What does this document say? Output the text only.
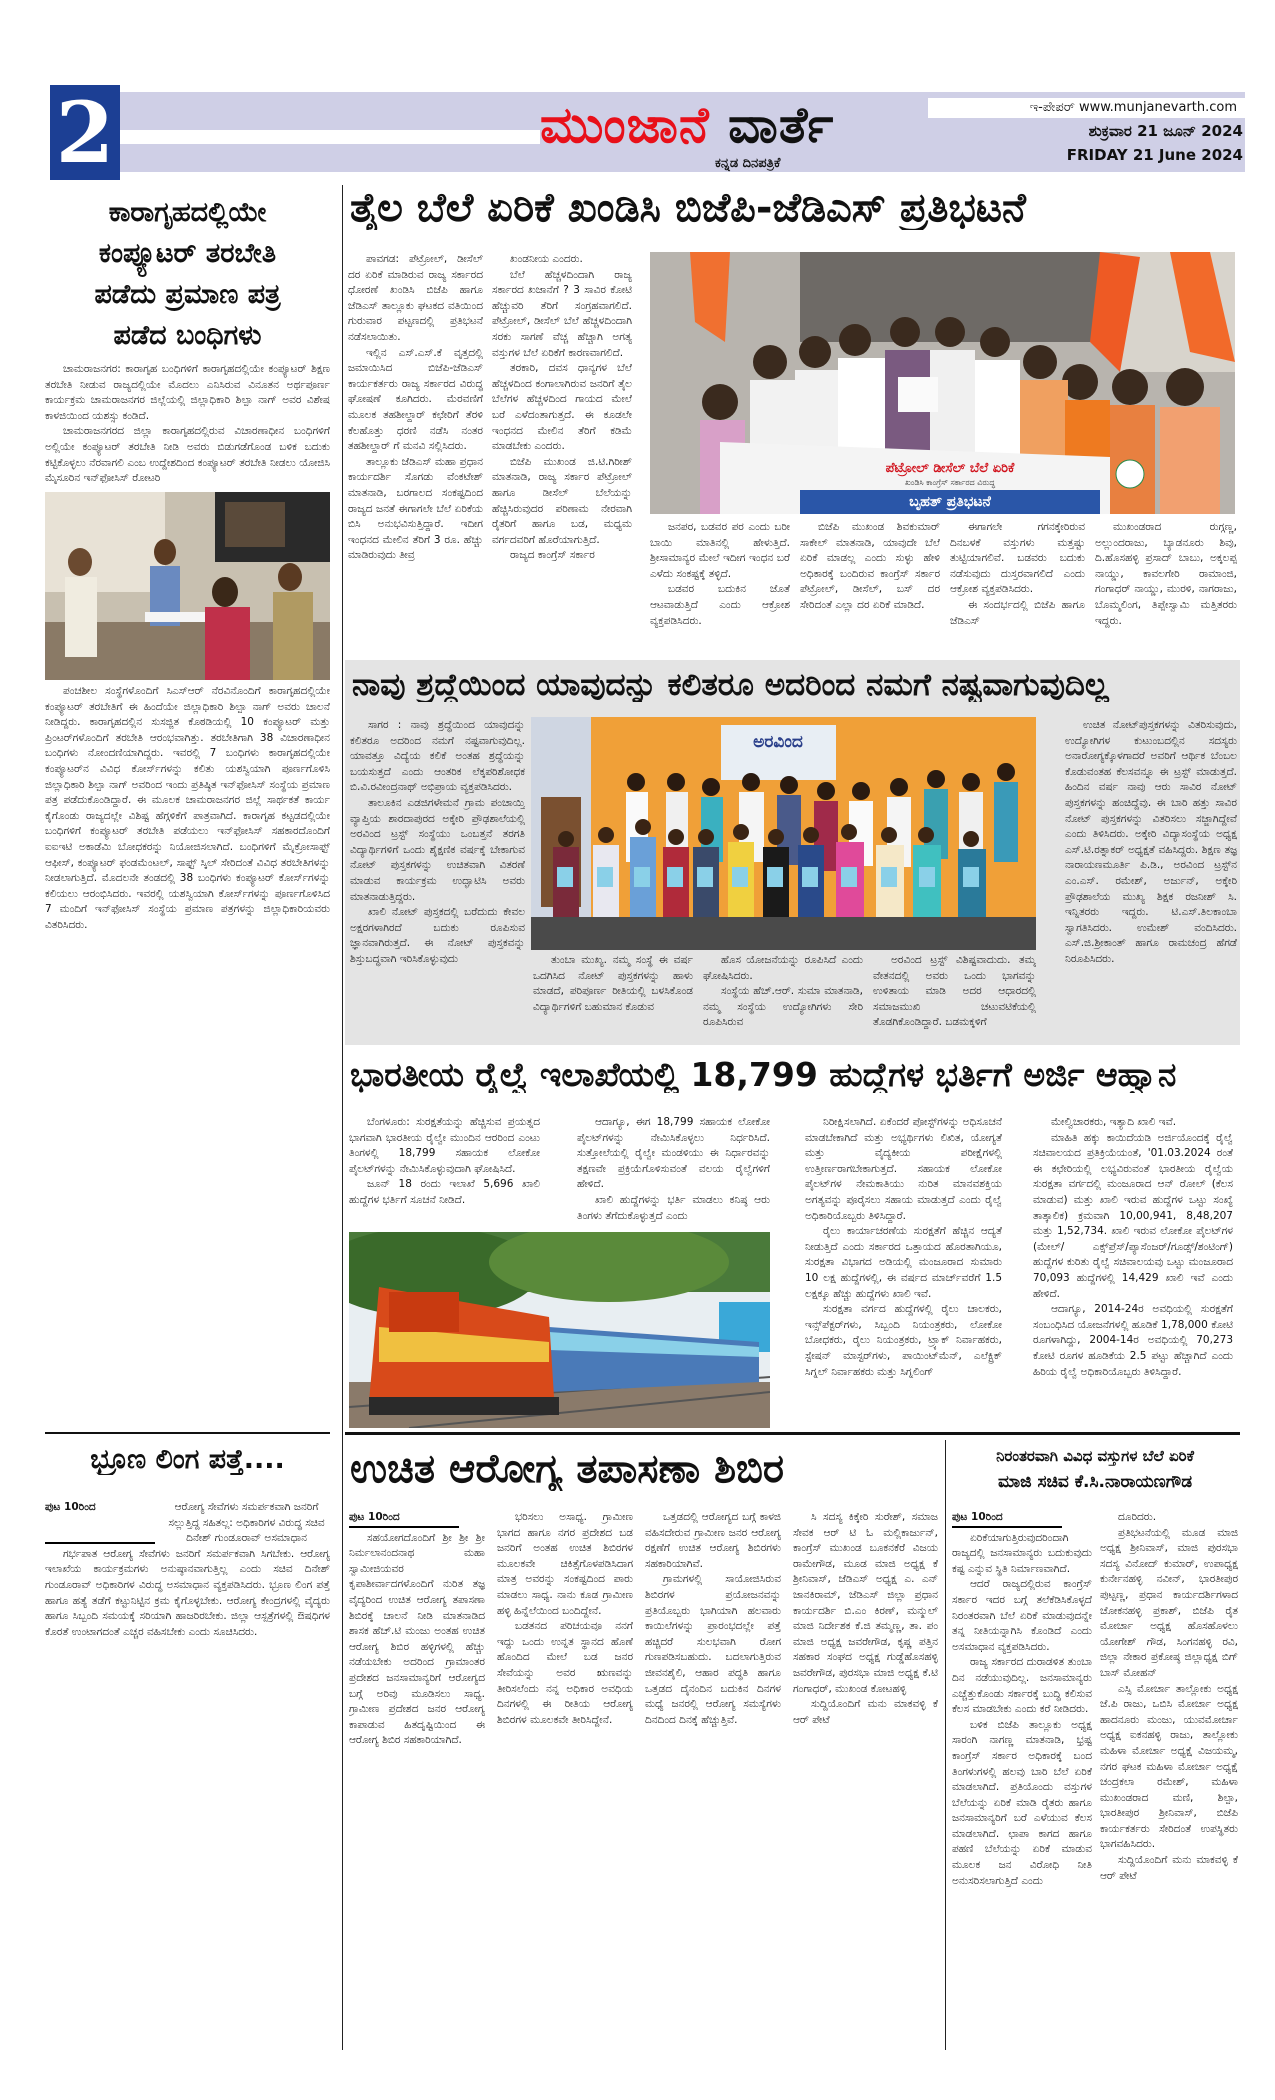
2	ಮುಂಜಾನೆ ವಾರ್ತೆ
ಕನ್ನಡ ದಿನಪತ್ರಿಕೆ
ಇ-ಪೇಪರ್ www.munjanevarth.com
ಶುಕ್ರವಾರ 21 ಜೂನ್ 2024
FRIDAY 21 June 2024
ಕಾರಾಗೃಹದಲ್ಲಿಯೇ
ಕಂಪ್ಯೂಟರ್ ತರಬೇತಿ
ಪಡೆದು ಪ್ರಮಾಣ ಪತ್ರ
ಪಡೆದ ಬಂಧಿಗಳು

ಚಾಮರಾಜನಗರ: ಕಾರಾಗೃಹ ಬಂಧಿಗಳಿಗೆ ಕಾರಾಗೃಹದಲ್ಲಿಯೇ ಕಂಪ್ಯೂಟರ್ ಶಿಕ್ಷಣ ತರಬೇತಿ ನೀಡುವ ರಾಜ್ಯದಲ್ಲಿಯೇ ಮೊದಲು ಎನಿಸಿರುವ ವಿನೂತನ ಅರ್ಥಪೂರ್ಣ ಕಾರ್ಯಕ್ರಮ ಚಾಮರಾಜನಗರ ಜಿಲ್ಲೆಯಲ್ಲಿ ಜಿಲ್ಲಾಧಿಕಾರಿ ಶಿಲ್ಪಾ ನಾಗ್ ಅವರ ವಿಶೇಷ ಕಾಳಜಿಯಿಂದ ಯಶಸ್ಸು ಕಂಡಿದೆ.

ಚಾಮರಾಜನಗರದ ಜಿಲ್ಲಾ ಕಾರಾಗೃಹದಲ್ಲಿರುವ ವಿಚಾರಣಾಧೀನ ಬಂಧಿಗಳಿಗೆ ಅಲ್ಲಿಯೇ ಕಂಪ್ಯೂಟರ್ ತರಬೇತಿ ನೀಡಿ ಅವರು ಬಿಡುಗಡೆಗೊಂಡ ಬಳಿಕ ಬದುಕು ಕಟ್ಟಿಕೊಳ್ಳಲು ನೆರವಾಗಲಿ ಎಂಬ ಉದ್ದೇಶದಿಂದ ಕಂಪ್ಯೂಟರ್ ತರಬೇತಿ ನೀಡಲು ಯೋಜಿಸಿ ಮೈಸೂರಿನ ಇನ್‌ಫೋಸಿಸ್ ರೋಟರಿ

ಪಂಚಶೀಲ ಸಂಸ್ಥೆಗಳೊಂದಿಗೆ ಸಿಎಸ್‌ಆರ್ ನೆರವಿನೊಂದಿಗೆ ಕಾರಾಗೃಹದಲ್ಲಿಯೇ ಕಂಪ್ಯೂಟರ್ ತರಬೇತಿಗೆ ಈ ಹಿಂದೆಯೇ ಜಿಲ್ಲಾಧಿಕಾರಿ ಶಿಲ್ಪಾ ನಾಗ್ ಅವರು ಚಾಲನೆ ನೀಡಿದ್ದರು. ಕಾರಾಗೃಹದಲ್ಲಿನ ಸುಸಜ್ಜಿತ ಕೊಠಡಿಯಲ್ಲಿ 10 ಕಂಪ್ಯೂಟರ್ ಮತ್ತು ಪ್ರಿಂಟರ್‌ಗಳೊಂದಿಗೆ ತರಬೇತಿ ಆರಂಭವಾಗಿತ್ತು. ತರಬೇತಿಗಾಗಿ 38 ವಿಚಾರಣಾಧೀನ ಬಂಧಿಗಳು ನೋಂದಣಿಯಾಗಿದ್ದರು. ಇವರಲ್ಲಿ 7 ಬಂಧಿಗಳು ಕಾರಾಗೃಹದಲ್ಲಿಯೇ ಕಂಪ್ಯೂಟರ್‌ನ ವಿವಿಧ ಕೋರ್ಸ್‌ಗಳನ್ನು ಕಲಿತು ಯಶಸ್ವಿಯಾಗಿ ಪೂರ್ಣಗೊಳಿಸಿ ಜಿಲ್ಲಾಧಿಕಾರಿ ಶಿಲ್ಪಾ ನಾಗ್ ಅವರಿಂದ ಇಂದು ಪ್ರತಿಷ್ಠಿತ ಇನ್‌ಫೋಸಿಸ್ ಸಂಸ್ಥೆಯ ಪ್ರಮಾಣ ಪತ್ರ ಪಡೆದುಕೊಂಡಿದ್ದಾರೆ. ಈ ಮೂಲಕ ಚಾಮರಾಜನಗರ ಜಿಲ್ಲೆ ಸಾರ್ಥಕತೆ ಕಾರ್ಯ ಕೈಗೊಂಡು ರಾಜ್ಯದಲ್ಲೇ ವಿಶಿಷ್ಟ ಹೆಗ್ಗಳಿಕೆಗೆ ಪಾತ್ರವಾಗಿದೆ. ಕಾರಾಗೃಹ ಕಟ್ಟಡದಲ್ಲಿಯೇ ಬಂಧಿಗಳಿಗೆ ಕಂಪ್ಯೂಟರ್ ತರಬೇತಿ ಪಡೆಯಲು ಇನ್‌ಫೋಸಿಸ್ ಸಹಕಾರದೊಂದಿಗೆ ಐಐಇಟಿ ಅಕಾಡೆಮಿ ಬೋಧಕರನ್ನು ನಿಯೋಜಿಸಲಾಗಿದೆ. ಬಂಧಿಗಳಿಗೆ ಮೈಕ್ರೋಸಾಫ್ಟ್ ಆಫೀಸ್, ಕಂಪ್ಯೂಟರ್ ಫಂಡಮೆಂಟಲ್, ಸಾಫ್ಟ್ ಸ್ಕಿಲ್ ಸೇರಿದಂತೆ ವಿವಿಧ ತರಬೇತಿಗಳನ್ನು ನೀಡಲಾಗುತ್ತಿದೆ. ಮೊದಲನೇ ತಂಡದಲ್ಲಿ 38 ಬಂಧಿಗಳು ಕಂಪ್ಯೂಟರ್ ಕೋರ್ಸ್‌ಗಳನ್ನು ಕಲಿಯಲು ಆರಂಭಿಸಿದರು. ಇವರಲ್ಲಿ ಯಶಸ್ವಿಯಾಗಿ ಕೋರ್ಸ್‌ಗಳನ್ನು ಪೂರ್ಣಗೊಳಿಸಿದ 7 ಮಂದಿಗೆ ಇನ್‌ಫೋಸಿಸ್ ಸಂಸ್ಥೆಯ ಪ್ರಮಾಣ ಪತ್ರಗಳನ್ನು ಜಿಲ್ಲಾಧಿಕಾರಿಯವರು ವಿತರಿಸಿದರು.

ಭ್ರೂಣ ಲಿಂಗ ಪತ್ತೆ....
ಪುಟ 10ರಿಂದ	ಆರೋಗ್ಯ ಸೇವೆಗಳು ಸಮರ್ಪಕವಾಗಿ ಜನರಿಗೆ ಸಲ್ಲುತ್ತಿದ್ದ ಸಹಿತಲ್ಲ: ಅಧಿಕಾರಿಗಳ ವಿರುದ್ಧ ಸಚಿವ ದಿನೇಶ್ ಗುಂಡೂರಾವ್ ಅಸಮಾಧಾನ

ಗರ್ಭಪಾತ ಆರೋಗ್ಯ ಸೇವೆಗಳು ಜನರಿಗೆ ಸಮರ್ಪಕವಾಗಿ ಸಿಗಬೇಕು. ಆರೋಗ್ಯ ಇಲಾಖೆಯ ಕಾರ್ಯಕ್ರಮಗಳು ಅನುಷ್ಠಾನವಾಗುತ್ತಿಲ್ಲ ಎಂದು ಸಚಿವ ದಿನೇಶ್ ಗುಂಡೂರಾವ್ ಅಧಿಕಾರಿಗಳ ವಿರುದ್ಧ ಅಸಮಾಧಾನ ವ್ಯಕ್ತಪಡಿಸಿದರು. ಭ್ರೂಣ ಲಿಂಗ ಪತ್ತೆ ಹಾಗೂ ಹತ್ಯೆ ತಡೆಗೆ ಕಟ್ಟುನಿಟ್ಟಿನ ಕ್ರಮ ಕೈಗೊಳ್ಳಬೇಕು. ಆರೋಗ್ಯ ಕೇಂದ್ರಗಳಲ್ಲಿ ವೈದ್ಯರು ಹಾಗೂ ಸಿಬ್ಬಂದಿ ಸಮಯಕ್ಕೆ ಸರಿಯಾಗಿ ಹಾಜರಿರಬೇಕು. ಜಿಲ್ಲಾ ಆಸ್ಪತ್ರೆಗಳಲ್ಲಿ ಔಷಧಿಗಳ ಕೊರತೆ ಉಂಟಾಗದಂತೆ ಎಚ್ಚರ ವಹಿಸಬೇಕು ಎಂದು ಸೂಚಿಸಿದರು.

ತೈಲ ಬೆಲೆ ಏರಿಕೆ ಖಂಡಿಸಿ ಬಿಜೆಪಿ-ಜೆಡಿಎಸ್ ಪ್ರತಿಭಟನೆ

ಪಾವಗಡ: ಪೆಟ್ರೋಲ್, ಡೀಸೆಲ್ ದರ ಏರಿಕೆ ಮಾಡಿರುವ ರಾಜ್ಯ ಸರ್ಕಾರದ ಧೋರಣೆ ಖಂಡಿಸಿ ಬಿಜೆಪಿ ಹಾಗೂ ಜೆಡಿಎಸ್ ತಾಲ್ಲೂಕು ಘಟಕದ ವತಿಯಿಂದ ಗುರುವಾರ ಪಟ್ಟಣದಲ್ಲಿ ಪ್ರತಿಭಟನೆ ನಡೆಸಲಾಯಿತು.

ಇಲ್ಲಿನ ಎಸ್.ಎಸ್.ಕೆ ವೃತ್ತದಲ್ಲಿ ಜಮಾಯಿಸಿದ ಬಿಜೆಪಿ-ಜೆಡಿಎಸ್ ಕಾರ್ಯಕರ್ತರು ರಾಜ್ಯ ಸರ್ಕಾರದ ವಿರುದ್ಧ ಘೋಷಣೆ ಕೂಗಿದರು. ಮೆರವಣಿಗೆ ಮೂಲಕ ತಹಶೀಲ್ದಾರ್ ಕಛೇರಿಗೆ ತೆರಳಿ ಕೆಲಹೊತ್ತು ಧರಣಿ ನಡೆಸಿ ನಂತರ ತಹಶೀಲ್ದಾರ್ ಗೆ ಮನವಿ ಸಲ್ಲಿಸಿದರು.

ತಾಲ್ಲೂಕು ಜೆಡಿಎಸ್ ಮಹಾ ಪ್ರಧಾನ ಕಾರ್ಯದರ್ಶಿ ಸೊಗಡು ವೆಂಕಟೇಶ್ ಮಾತನಾಡಿ, ಬರಗಾಲದ ಸಂಕಷ್ಟದಿಂದ ರಾಜ್ಯದ ಜನತೆ ಈಗಾಗಲೇ ಬೆಲೆ ಏರಿಕೆಯ ಬಿಸಿ ಅನುಭವಿಸುತ್ತಿದ್ದಾರೆ. ಇದೀಗ ಇಂಧನದ ಮೇಲಿನ ತೆರಿಗೆ 3 ರೂ. ಹೆಚ್ಚು ಮಾಡಿರುವುದು ತೀವ್ರ

ಖಂಡನೀಯ ಎಂದರು.

ಬೆಲೆ ಹೆಚ್ಚಳದಿಂದಾಗಿ ರಾಜ್ಯ ಸರ್ಕಾರದ ಖಜಾನೆಗೆ ? 3 ಸಾವಿರ ಕೋಟಿ ಹೆಚ್ಚುವರಿ ತೆರಿಗೆ ಸಂಗ್ರಹವಾಗಲಿದೆ. ಪೆಟ್ರೋಲ್, ಡೀಸೆಲ್ ಬೆಲೆ ಹೆಚ್ಚಳದಿಂದಾಗಿ ಸರಕು ಸಾಗಣೆ ವೆಚ್ಚ ಹೆಚ್ಚಾಗಿ ಅಗತ್ಯ ವಸ್ತುಗಳ ಬೆಲೆ ಏರಿಕೆಗೆ ಕಾರಣವಾಗಲಿದೆ.

ತರಕಾರಿ, ದವಸ ಧಾನ್ಯಗಳ ಬೆಲೆ ಹೆಚ್ಚಳದಿಂದ ಕಂಗಾಲಾಗಿರುವ ಜನರಿಗೆ ತೈಲ ಬೆಲೆಗಳ ಹೆಚ್ಚಳದಿಂದ ಗಾಯದ ಮೇಲೆ ಬರೆ ಎಳೆದಂತಾಗುತ್ತದೆ. ಈ ಕೂಡಲೇ ಇಂಧನದ ಮೇಲಿನ ತೆರಿಗೆ ಕಡಿಮೆ ಮಾಡಬೇಕು ಎಂದರು.

ಬಿಜೆಪಿ ಮುಖಂಡ ಜಿ.ಟಿ.ಗಿರೀಶ್ ಮಾತನಾಡಿ, ರಾಜ್ಯ ಸರ್ಕಾರ ಪೆಟ್ರೋಲ್ ಹಾಗೂ ಡೀಸೆಲ್ ಬೆಲೆಯನ್ನು ಹೆಚ್ಚಿಸಿರುವುದರ ಪರಿಣಾಮ ನೇರವಾಗಿ ರೈತರಿಗೆ ಹಾಗೂ ಬಡ, ಮಧ್ಯಮ ವರ್ಗದವರಿಗೆ ಹೊರೆಯಾಗುತ್ತಿದೆ.

ರಾಜ್ಯದ ಕಾಂಗ್ರೆಸ್ ಸರ್ಕಾರ

ಪೆಟ್ರೋಲ್ ಡೀಸೆಲ್ ಬೆಲೆ ಏರಿಕೆ
ಖಂಡಿಸಿ ಕಾಂಗ್ರೆಸ್ ಸರ್ಕಾರದ ವಿರುದ್ಧ
ಬೃಹತ್ ಪ್ರತಿಭಟನೆ

ಜನಪರ, ಬಡವರ ಪರ ಎಂದು ಬರೀ ಬಾಯಿ ಮಾತಿನಲ್ಲಿ ಹೇಳುತ್ತಿದೆ. ಶ್ರೀಸಾಮಾನ್ಯರ ಮೇಲೆ ಇದೀಗ ಇಂಧನ ಬರೆ ಎಳೆದು ಸಂಕಷ್ಟಕ್ಕೆ ತಳ್ಳಿದೆ.

ಬಡವರ ಬದುಕಿನ ಜೊತೆ ಆಟವಾಡುತ್ತಿದೆ ಎಂದು ಆಕ್ರೋಶ ವ್ಯಕ್ತಪಡಿಸಿದರು.

ಬಿಜೆಪಿ ಮುಖಂಡ ಶಿವಕುಮಾರ್ ಸಾಕೇಲ್ ಮಾತನಾಡಿ, ಯಾವುದೇ ಬೆಲೆ ಏರಿಕೆ ಮಾಡಲ್ಲ ಎಂದು ಸುಳ್ಳು ಹೇಳಿ ಅಧಿಕಾರಕ್ಕೆ ಬಂದಿರುವ ಕಾಂಗ್ರೆಸ್ ಸರ್ಕಾರ ಪೆಟ್ರೋಲ್, ಡೀಸೆಲ್, ಬಸ್ ದರ ಸೇರಿದಂತೆ ಎಲ್ಲಾ ದರ ಏರಿಕೆ ಮಾಡಿದೆ.

ಈಗಾಗಲೇ ಗಗನಕ್ಕೇರಿರುವ ದಿನಬಳಕೆ ವಸ್ತುಗಳು ಮತ್ತಷ್ಟು ತುಟ್ಟಿಯಾಗಲಿವೆ. ಬಡವರು ಬದುಕು ನಡೆಸುವುದು ದುಸ್ತರವಾಗಲಿದೆ ಎಂದು ಆಕ್ರೋಶ ವ್ಯಕ್ತಪಡಿಸಿದರು.

ಈ ಸಂದರ್ಭದಲ್ಲಿ ಬಿಜೆಪಿ ಹಾಗೂ ಜೆಡಿಎಸ್

ಮುಖಂಡರಾದ ರುಗ್ಗಣ್ಣ, ಅಲ್ಲುಂದರಾಜು, ಬ್ಯಾಡನೂರು ಶಿವು, ದಿ.ಹೊಸಹಳ್ಳಿ ಪ್ರಸಾದ್ ಬಾಬು, ಅಕ್ಕಲಪ್ಪ ನಾಯ್ಡು, ಕಾವಲಗೇರಿ ರಾಮಾಂಜಿ, ಗಂಗಾಧರ್ ನಾಯ್ಡು, ಮುರಳಿ, ನಾಗರಾಜು, ಬೊಮ್ಮಲಿಂಗ, ತಿಪ್ಪೇಸ್ವಾಮಿ ಮತ್ತಿತರರು ಇದ್ದರು.

ನಾವು ಶ್ರದ್ಧೆಯಿಂದ ಯಾವುದನ್ನು ಕಲಿತರೂ ಅದರಿಂದ ನಮಗೆ ನಷ್ಟವಾಗುವುದಿಲ್ಲ

ಸಾಗರ : ನಾವು ಶ್ರದ್ಧೆಯಿಂದ ಯಾವುದನ್ನು ಕಲಿತರೂ ಅದರಿಂದ ನಮಗೆ ನಷ್ಟವಾಗುವುದಿಲ್ಲ. ಯಾವತ್ತೂ ವಿದ್ಯೆಯ ಕಲಿಕೆ ಅಂತಹ ಶ್ರದ್ಧೆಯನ್ನು ಬಯಸುತ್ತದೆ ಎಂದು ಆಂತರಿಕ ಲೆಕ್ಕಪರಿಶೋಧಕ ಬಿ.ವಿ.ರವೀಂದ್ರನಾಥ್ ಅಭಿಪ್ರಾಯ ವ್ಯಕ್ತಪಡಿಸಿದರು.

ತಾಲೂಕಿನ ಎಡಜಿಗಳೇಮನೆ ಗ್ರಾಮ ಪಂಚಾಯ್ತಿ ವ್ಯಾಪ್ತಿಯ ಶಾರದಾಪುರದ ಅಕ್ಕೇರಿ ಪ್ರೌಢಶಾಲೆಯಲ್ಲಿ ಅರವಿಂದ ಟ್ರಸ್ಟ್ ಸಂಸ್ಥೆಯು ಒಂಬತ್ತನೆ ತರಗತಿ ವಿದ್ಯಾರ್ಥಿಗಳಿಗೆ ಒಂದು ಶೈಕ್ಷಣಿಕ ವರ್ಷಕ್ಕೆ ಬೇಕಾಗುವ ನೋಟ್ ಪುಸ್ತಕಗಳನ್ನು ಉಚಿತವಾಗಿ ವಿತರಣೆ ಮಾಡುವ ಕಾರ್ಯಕ್ರಮ ಉದ್ಘಾಟಿಸಿ ಅವರು ಮಾತನಾಡುತ್ತಿದ್ದರು.

ಖಾಲಿ ನೋಟ್ ಪುಸ್ತಕದಲ್ಲಿ ಬರೆದುದು ಕೇವಲ ಅಕ್ಷರಗಳಾಗಿರದೆ ಬದುಕು ರೂಪಿಸುವ ಜ್ಞಾನವಾಗಿರುತ್ತದೆ. ಈ ನೋಟ್ ಪುಸ್ತಕವನ್ನು ಶಿಸ್ತುಬದ್ಧವಾಗಿ ಇರಿಸಿಕೊಳ್ಳುವುದು

ಅರವಿಂದ

ತುಂಬಾ ಮುಖ್ಯ. ನಮ್ಮ ಸಂಸ್ಥೆ ಈ ವರ್ಷ ಒದಗಿಸಿದ ನೋಟ್ ಪುಸ್ತಕಗಳನ್ನು ಹಾಳು ಮಾಡದೆ, ಪರಿಪೂರ್ಣ ರೀತಿಯಲ್ಲಿ ಬಳಸಿಕೊಂಡ ವಿದ್ಯಾರ್ಥಿಗಳಿಗೆ ಬಹುಮಾನ ಕೊಡುವ

ಹೊಸ ಯೋಜನೆಯನ್ನು ರೂಪಿಸಿದೆ ಎಂದು ಘೋಷಿಸಿದರು.

ಸಂಸ್ಥೆಯ ಹೆಚ್.ಆರ್. ಸುಮಾ ಮಾತನಾಡಿ, ನಮ್ಮ ಸಂಸ್ಥೆಯ ಉದ್ಯೋಗಿಗಳು ಸೇರಿ ರೂಪಿಸಿರುವ

ಅರವಿಂದ ಟ್ರಸ್ಟ್ ವಿಶಿಷ್ಟವಾದುದು. ತಮ್ಮ ವೇತನದಲ್ಲಿ ಅವರು ಒಂದು ಭಾಗವನ್ನು ಉಳಿತಾಯ ಮಾಡಿ ಅದರ ಆಧಾರದಲ್ಲಿ ಸಮಾಜಮುಖಿ ಚಟುವಟಿಕೆಯಲ್ಲಿ ತೊಡಗಿಕೊಂಡಿದ್ದಾರೆ. ಬಡಮಕ್ಕಳಿಗೆ

ಉಚಿತ ನೋಟ್‌ಪುಸ್ತಕಗಳನ್ನು ವಿತರಿಸುವುದು, ಉದ್ಯೋಗಿಗಳ ಕುಟುಂಬದಲ್ಲಿನ ಸದಸ್ಯರು ಅನಾರೋಗ್ಯಕ್ಕೊಳಗಾದರೆ ಅವರಿಗೆ ಆರ್ಥಿಕ ಬೆಂಬಲ ಕೊಡುವಂತಹ ಕೆಲಸವನ್ನೂ ಈ ಟ್ರಸ್ಟ್ ಮಾಡುತ್ತದೆ. ಹಿಂದಿನ ವರ್ಷ ನಾವು ಆರು ಸಾವಿರ ನೋಟ್ ಪುಸ್ತಕಗಳನ್ನು ಹಂಚಿದ್ದೆವು. ಈ ಬಾರಿ ಹತ್ತು ಸಾವಿರ ನೋಟ್ ಪುಸ್ತಕಗಳನ್ನು ವಿತರಿಸಲು ಸಜ್ಜಾಗಿದ್ದೇವೆ ಎಂದು ತಿಳಿಸಿದರು. ಅಕ್ಕೇರಿ ವಿದ್ಯಾಸಂಸ್ಥೆಯ ಅಧ್ಯಕ್ಷ ಎಸ್.ಟಿ.ರತ್ನಾಕರ್ ಅಧ್ಯಕ್ಷತೆ ವಹಿಸಿದ್ದರು. ಶಿಕ್ಷಣ ತಜ್ಞ ನಾರಾಯಣಮೂರ್ತಿ ಪಿ.ಡಿ., ಅರವಿಂದ ಟ್ರಸ್ಟ್‌ನ ಎಂ.ಎಸ್. ರಮೇಶ್, ಅರ್ಜುನ್, ಅಕ್ಕೇರಿ ಪ್ರೌಢಶಾಲೆಯ ಮುಖ್ಯ ಶಿಕ್ಷಕ ರಜನೀಶ್ ಸಿ. ಇನ್ನಿತರರು ಇದ್ದರು. ಟಿ.ಎಸ್.ತಿಲಕಾಂಬಾ ಸ್ವಾಗತಿಸಿದರು. ಉಮೇಶ್ ವಂದಿಸಿದರು. ಎಸ್.ಜಿ.ಶ್ರೀಕಾಂತ್ ಹಾಗೂ ರಾಮಚಂದ್ರ ಹೆಗಡೆ ನಿರೂಪಿಸಿದರು.

ಭಾರತೀಯ ರೈಲ್ವೆ ಇಲಾಖೆಯಲ್ಲಿ 18,799 ಹುದ್ದೆಗಳ ಭರ್ತಿಗೆ ಅರ್ಜಿ ಆಹ್ವಾನ

ಬೆಂಗಳೂರು: ಸುರಕ್ಷತೆಯನ್ನು ಹೆಚ್ಚಿಸುವ ಪ್ರಯತ್ನದ ಭಾಗವಾಗಿ ಭಾರತೀಯ ರೈಲ್ವೇ ಮುಂದಿನ ಆರರಿಂದ ಎಂಟು ತಿಂಗಳಲ್ಲಿ 18,799 ಸಹಾಯಕ ಲೋಕೋ ಪೈಲಟ್‌ಗಳನ್ನು ನೇಮಿಸಿಕೊಳ್ಳುವುದಾಗಿ ಘೋಷಿಸಿದೆ.

ಜೂನ್ 18 ರಂದು ಇಲಾಖೆ 5,696 ಖಾಲಿ ಹುದ್ದೆಗಳ ಭರ್ತಿಗೆ ಸೂಚನೆ ನೀಡಿದೆ.

ಆದಾಗ್ಯೂ, ಈಗ 18,799 ಸಹಾಯಕ ಲೋಕೋ ಪೈಲಟ್‌ಗಳನ್ನು ನೇಮಿಸಿಕೊಳ್ಳಲು ನಿರ್ಧರಿಸಿದೆ. ಸುತ್ತೋಲೆಯಲ್ಲಿ ರೈಲ್ವೇ ಮಂಡಳಿಯು ಈ ನಿರ್ಧಾರವನ್ನು ತಕ್ಷಣವೇ ಪ್ರಕ್ರಿಯೆಗೊಳಿಸುವಂತೆ ವಲಯ ರೈಲ್ವೆಗಳಿಗೆ ಹೇಳಿದೆ.

ಖಾಲಿ ಹುದ್ದೆಗಳನ್ನು ಭರ್ತಿ ಮಾಡಲು ಕನಿಷ್ಠ ಆರು ತಿಂಗಳು ತೆಗೆದುಕೊಳ್ಳುತ್ತದೆ ಎಂದು

ನಿರೀಕ್ಷಿಸಲಾಗಿದೆ. ಏಕೆಂದರೆ ಪೋಸ್ಟ್‌ಗಳನ್ನು ಅಧಿಸೂಚನೆ ಮಾಡಬೇಕಾಗಿದೆ ಮತ್ತು ಅಭ್ಯರ್ಥಿಗಳು ಲಿಖಿತ, ಯೋಗ್ಯತೆ ಮತ್ತು ವೈದ್ಯಕೀಯ ಪರೀಕ್ಷೆಗಳಲ್ಲಿ ಉತ್ತೀರ್ಣರಾಗಬೇಕಾಗುತ್ತದೆ. ಸಹಾಯಕ ಲೋಕೋ ಪೈಲಟ್‌ಗಳ ನೇಮಕಾತಿಯು ನುರಿತ ಮಾನವಶಕ್ತಿಯ ಅಗತ್ಯವನ್ನು ಪೂರೈಸಲು ಸಹಾಯ ಮಾಡುತ್ತದೆ ಎಂದು ರೈಲ್ವೆ ಅಧಿಕಾರಿಯೊಬ್ಬರು ತಿಳಿಸಿದ್ದಾರೆ.

ರೈಲು ಕಾರ್ಯಾಚರಣೆಯ ಸುರಕ್ಷತೆಗೆ ಹೆಚ್ಚಿನ ಆದ್ಯತೆ ನೀಡುತ್ತಿದೆ ಎಂದು ಸರ್ಕಾರದ ಒತ್ತಾಯದ ಹೊರತಾಗಿಯೂ, ಸುರಕ್ಷತಾ ವಿಭಾಗದ ಅಡಿಯಲ್ಲಿ ಮಂಜೂರಾದ ಸುಮಾರು 10 ಲಕ್ಷ ಹುದ್ದೆಗಳಲ್ಲಿ, ಈ ವರ್ಷದ ಮಾರ್ಚ್‌ವರೆಗೆ 1.5 ಲಕ್ಷಕ್ಕೂ ಹೆಚ್ಚು ಹುದ್ದೆಗಳು ಖಾಲಿ ಇವೆ.

ಸುರಕ್ಷತಾ ವರ್ಗದ ಹುದ್ದೆಗಳಲ್ಲಿ ರೈಲು ಚಾಲಕರು, ಇನ್ಸ್‌ಪೆಕ್ಟರ್‌ಗಳು, ಸಿಬ್ಬಂದಿ ನಿಯಂತ್ರಕರು, ಲೋಕೋ ಬೋಧಕರು, ರೈಲು ನಿಯಂತ್ರಕರು, ಟ್ರ್ಯಾಕ್ ನಿರ್ವಾಹಕರು, ಸ್ಟೇಷನ್ ಮಾಸ್ಟರ್‌ಗಳು, ಪಾಯಿಂಟ್‌ಮೆನ್, ಎಲೆಕ್ಟ್ರಿಕ್ ಸಿಗ್ನಲ್ ನಿರ್ವಾಹಕರು ಮತ್ತು ಸಿಗ್ನಲಿಂಗ್

ಮೇಲ್ವಿಚಾರಕರು, ಇತ್ಯಾದಿ ಖಾಲಿ ಇವೆ.

ಮಾಹಿತಿ ಹಕ್ಕು ಕಾಯಿದೆಯಡಿ ಅರ್ಜಿಯೊಂದಕ್ಕೆ ರೈಲ್ವೆ ಸಚಿವಾಲಯದ ಪ್ರತಿಕ್ರಿಯೆಯಂತೆ, '01.03.2024 ರಂತೆ ಈ ಕಛೇರಿಯಲ್ಲಿ ಲಭ್ಯವಿರುವಂತೆ ಭಾರತೀಯ ರೈಲ್ವೆಯ ಸುರಕ್ಷತಾ ವರ್ಗದಲ್ಲಿ ಮಂಜೂರಾದ ಆನ್ ರೋಲ್ (ಕೆಲಸ ಮಾಡುವ) ಮತ್ತು ಖಾಲಿ ಇರುವ ಹುದ್ದೆಗಳ ಒಟ್ಟು ಸಂಖ್ಯೆ ತಾತ್ಕಾಲಿಕ) ಕ್ರಮವಾಗಿ 10,00,941, 8,48,207 ಮತ್ತು 1,52,734. ಖಾಲಿ ಇರುವ ಲೋಕೋ ಪೈಲಟ್‌ಗಳ (ಮೇಲ್/ ಎಕ್ಸ್‌ಪ್ರೆಸ್/ಪ್ಯಾಸೆಂಜರ್/ಗೂಡ್ಸ್/ಶಂಟಿಂಗ್) ಹುದ್ದೆಗಳ ಕುರಿತು ರೈಲ್ವೆ ಸಚಿವಾಲಯವು ಒಟ್ಟು ಮಂಜೂರಾದ 70,093 ಹುದ್ದೆಗಳಲ್ಲಿ 14,429 ಖಾಲಿ ಇವೆ ಎಂದು ಹೇಳಿದೆ.

ಆದಾಗ್ಯೂ, 2014-24ರ ಅವಧಿಯಲ್ಲಿ ಸುರಕ್ಷತೆಗೆ ಸಂಬಂಧಿಸಿದ ಯೋಜನೆಗಳಲ್ಲಿ ಹೂಡಿಕೆ 1,78,000 ಕೋಟಿ ರೂಗಳಾಗಿದ್ದು, 2004-14ರ ಅವಧಿಯಲ್ಲಿ 70,273 ಕೋಟಿ ರೂಗಳ ಹೂಡಿಕೆಯ 2.5 ಪಟ್ಟು ಹೆಚ್ಚಾಗಿದೆ ಎಂದು ಹಿರಿಯ ರೈಲ್ವೆ ಅಧಿಕಾರಿಯೊಬ್ಬರು ತಿಳಿಸಿದ್ದಾರೆ.

ಉಚಿತ ಆರೋಗ್ಯ ತಪಾಸಣಾ ಶಿಬಿರ
ಪುಟ 10ರಿಂದ

ಸಹಯೋಗದೊಂದಿಗೆ ಶ್ರೀ ಶ್ರೀ ಶ್ರೀ ನಿರ್ಮಲಾನಂದನಾಥ ಮಹಾ ಸ್ವಾಮೀಜಿಯವರ ಕೃಪಾಶೀರ್ವಾದಗಳೊಂದಿಗೆ ನುರಿತ ತಜ್ಞ ವೈದ್ಯರಿಂದ ಉಚಿತ ಆರೋಗ್ಯ ತಪಾಸಣಾ ಶಿಬಿರಕ್ಕೆ ಚಾಲನೆ ನೀಡಿ ಮಾತನಾಡಿದ ಶಾಸಕ ಹೆಚ್.ಟಿ ಮಂಜು ಅಂತಹ ಉಚಿತ ಆರೋಗ್ಯ ಶಿಬಿರ ಹಳ್ಳಿಗಳಲ್ಲಿ ಹೆಚ್ಚು ನಡೆಯಬೇಕು ಅದರಿಂದ ಗ್ರಾಮಾಂತರ ಪ್ರದೇಶದ ಜನಸಾಮಾನ್ಯರಿಗೆ ಆರೋಗ್ಯದ ಬಗ್ಗೆ ಅರಿವು ಮೂಡಿಸಲು ಸಾಧ್ಯ. ಗ್ರಾಮೀಣ ಪ್ರದೇಶದ ಜನರ ಆರೋಗ್ಯ ಕಾಪಾಡುವ ಹಿತದೃಷ್ಟಿಯಿಂದ ಈ ಆರೋಗ್ಯ ಶಿಬಿರ ಸಹಕಾರಿಯಾಗಿದೆ.

ಭರಿಸಲು ಅಸಾಧ್ಯ. ಗ್ರಾಮೀಣ ಭಾಗದ ಹಾಗೂ ನಗರ ಪ್ರದೇಶದ ಬಡ ಜನರಿಗೆ ಅಂತಹ ಉಚಿತ ಶಿಬಿರಗಳ ಮೂಲಕವೇ ಚಿಕಿತ್ಸೆಗೊಳಪಡಿಸಿದಾಗ ಮಾತ್ರ ಅವರನ್ನು ಸಂಕಷ್ಟದಿಂದ ಪಾರು ಮಾಡಲು ಸಾಧ್ಯ. ನಾನು ಕೂಡ ಗ್ರಾಮೀಣ ಹಳ್ಳಿ ಹಿನ್ನೆಲೆಯಿಂದ ಬಂದಿದ್ದೇನೆ.

ಬಡತನದ ಪರಿಚಯವೂ ನನಗೆ ಇದ್ದು ಒಂದು ಉನ್ನತ ಸ್ಥಾನದ ಹೊಣೆ ಹೊಂದಿದ ಮೇಲೆ ಬಡ ಜನರ ಸೇವೆಯನ್ನು ಅವರ ಋಣವನ್ನು ತೀರಿಸಲೆಂದು ನನ್ನ ಅಧಿಕಾರ ಅವಧಿಯ ದಿನಗಳಲ್ಲಿ ಈ ರೀತಿಯ ಆರೋಗ್ಯ ಶಿಬಿರಗಳ ಮೂಲಕವೇ ತೀರಿಸಿದ್ದೇನೆ.

ಒತ್ತಡದಲ್ಲಿ ಆರೋಗ್ಯದ ಬಗ್ಗೆ ಕಾಳಜಿ ವಹಿಸದೇರುವ ಗ್ರಾಮೀಣ ಜನರ ಆರೋಗ್ಯ ರಕ್ಷಣೆಗೆ ಉಚಿತ ಆರೋಗ್ಯ ಶಿಬಿರಗಳು ಸಹಕಾರಿಯಾಗಿವೆ.

ಗ್ರಾಮಗಳಲ್ಲಿ ಸಾಯೋಜಿಸಿರುವ ಶಿಬಿರಗಳ ಪ್ರಯೋಜನವನ್ನು ಪ್ರತಿಯೊಬ್ಬರು ಭಾಗಿಯಾಗಿ ಹಲವಾರು ಕಾಯಿಲೆಗಳನ್ನು ಪ್ರಾರಂಭದಲ್ಲೇ ಪತ್ತೆ ಹಚ್ಚಿದರೆ ಸುಲಭವಾಗಿ ರೋಗ ಗುಣಪಡಿಸಬಹುದು. ಬದಲಾಗುತ್ತಿರುವ ಜೀವನಶೈಲಿ, ಆಹಾರ ಪದ್ಧತಿ ಹಾಗೂ ಒತ್ತಡದ ದೈನಂದಿನ ಬದುಕಿನ ದಿನಗಳ ಮಧ್ಯೆ ಜನರಲ್ಲಿ ಆರೋಗ್ಯ ಸಮಸ್ಯೆಗಳು ದಿನದಿಂದ ದಿನಕ್ಕೆ ಹೆಚ್ಚುತ್ತಿವೆ.

ಸಿ ಸದಸ್ಯ ಕಿಕ್ಕೇರಿ ಸುರೇಶ್, ಸಮಾಜ ಸೇವಕ ಆರ್ ಟಿ ಓ ಮಲ್ಲಿಕಾರ್ಜುನ್, ಕಾಂಗ್ರೆಸ್ ಮುಖಂಡ ಬೂಕನಕೆರೆ ವಿಜಯ ರಾಮೇಗೌಡ, ಮೂಡ ಮಾಜಿ ಅಧ್ಯಕ್ಷ ಕೆ ಶ್ರೀನಿವಾಸ್, ಜೆಡಿಎಸ್ ಅಧ್ಯಕ್ಷ ಎ. ಎನ್ ಜಾನಕಿರಾಮ್, ಜೆಡಿಎಸ್ ಜಿಲ್ಲಾ ಪ್ರಧಾನ ಕಾರ್ಯದರ್ಶಿ ಬಿ.ಎಂ ಕಿರಣ್, ಮನ್ಮುಲ್ ಮಾಜಿ ನಿರ್ದೇಶಕ ಕೆ.ಜಿ ತಮ್ಮಣ್ಣ, ತಾ. ಪಂ ಮಾಜಿ ಅಧ್ಯಕ್ಷ ಜವರೇಗೌಡ, ಕೃಷ್ಣ ಪತ್ತಿನ ಸಹಕಾರ ಸಂಘದ ಅಧ್ಯಕ್ಷ ಗುಡ್ಡೆಹೊಸಹಳ್ಳಿ ಜವರೇಗೌಡ, ಪುರಸಭಾ ಮಾಜಿ ಅಧ್ಯಕ್ಷ ಕೆ.ಟಿ ಗಂಗಾಧರ್, ಮುಖಂಡ ಕೋಟಹಳ್ಳಿ

ಸುದ್ದಿಯೊಂದಿಗೆ ಮನು ಮಾಕವಳ್ಳಿ ಕೆ ಆರ್ ಪೇಟೆ

ನಿರಂತರವಾಗಿ ವಿವಿಧ ವಸ್ತುಗಳ ಬೆಲೆ ಏರಿಕೆ
ಮಾಜಿ ಸಚಿವ ಕೆ.ಸಿ.ನಾರಾಯಣಗೌಡ
ಪುಟ 10ರಿಂದ

ಏರಿಕೆಯಾಗುತ್ತಿರುವುದರಿಂದಾಗಿ ರಾಜ್ಯದಲ್ಲಿ ಜನಸಾಮಾನ್ಯರು ಬದುಕುವುದು ಕಷ್ಟ ಎನ್ನುವ ಸ್ಥಿತಿ ನಿರ್ಮಾಣವಾಗಿದೆ.

ಆದರೆ ರಾಜ್ಯದಲ್ಲಿರುವ ಕಾಂಗ್ರೆಸ್ ಸರ್ಕಾರ ಇದರ ಬಗ್ಗೆ ತಲೆಕೆಡಿಸಿಕೊಳ್ಳದೆ ನಿರಂತರವಾಗಿ ಬೆಲೆ ಏರಿಕೆ ಮಾಡುವುದನ್ನೇ ತನ್ನ ನೀತಿಯನ್ನಾಗಿಸಿ ಕೊಂಡಿದೆ ಎಂದು ಅಸಮಾಧಾನ ವ್ಯಕ್ತಪಡಿಸಿದರು.

ರಾಜ್ಯ ಸರ್ಕಾರದ ದುರಾಡಳಿತ ತುಂಬಾ ದಿನ ನಡೆಯುವುದಿಲ್ಲ. ಜನಸಾಮಾನ್ಯರು ಎಚ್ಚೆತ್ತುಕೊಂಡು ಸರ್ಕಾರಕ್ಕೆ ಬುದ್ಧಿ ಕಲಿಸುವ ಕೆಲಸ ಮಾಡಬೇಕು ಎಂದು ಕರೆ ನೀಡಿದರು.

ಬಳಿಕ ಬಿಜೆಪಿ ತಾಲ್ಲೂಕು ಅಧ್ಯಕ್ಷ ಸಾರಂಗಿ ನಾಗಣ್ಣ ಮಾತನಾಡಿ, ಭ್ರಷ್ಟ ಕಾಂಗ್ರೆಸ್ ಸರ್ಕಾರ ಅಧಿಕಾರಕ್ಕೆ ಬಂದ ತಿಂಗಳುಗಳಲ್ಲಿ ಹಲವು ಬಾರಿ ಬೆಲೆ ಏರಿಕೆ ಮಾಡಲಾಗಿದೆ. ಪ್ರತಿಯೊಂದು ವಸ್ತುಗಳ ಬೆಲೆಯನ್ನು ಏರಿಕೆ ಮಾಡಿ ರೈತರು ಹಾಗೂ ಜನಸಾಮಾನ್ಯರಿಗೆ ಬರೆ ಎಳೆಯುವ ಕೆಲಸ ಮಾಡಲಾಗಿದೆ. ಛಾಪಾ ಕಾಗದ ಹಾಗೂ ಪಹಣಿ ಬೆಲೆಯನ್ನು ಏರಿಕೆ ಮಾಡುವ ಮೂಲಕ ಜನ ವಿರೋಧಿ ನೀತಿ ಅನುಸರಿಸಲಾಗುತ್ತಿದೆ ಎಂದು

ದೂರಿದರು.

ಪ್ರತಿಭಟನೆಯಲ್ಲಿ ಮೂಡ ಮಾಜಿ ಅಧ್ಯಕ್ಷ ಶ್ರೀನಿವಾಸ್, ಮಾಜಿ ಪುರಸಭಾ ಸದಸ್ಯ ವಿನೋದ್ ಕುಮಾರ್, ಉಪಾಧ್ಯಕ್ಷ ಕುರ್ನೇನಹಳ್ಳಿ ನವೀನ್, ಭಾರತೀಪುರ ಪುಟ್ಟಣ್ಣ, ಪ್ರಧಾನ ಕಾರ್ಯದರ್ಶಿಗಳಾದ ಚೋಕನಹಳ್ಳಿ ಪ್ರಕಾಶ್, ಬಿಜೆಪಿ ರೈತ ಮೋರ್ಚಾ ಅಧ್ಯಕ್ಷ ಹೊಸಹೊಳಲು ಯೋಗೇಶ್ ಗೌಡ, ಸಿಂಗನಹಳ್ಳಿ ರವಿ, ಜಿಲ್ಲಾ ನೇಕಾರ ಪ್ರಕೋಷ್ಠ ಜಿಲ್ಲಾಧ್ಯಕ್ಷ ಬಿಗ್ ಬಾಸ್ ಮೋಹನ್

ಎಸ್ಸಿ ಮೋರ್ಚಾ ತಾಲ್ಲೋಕು ಅಧ್ಯಕ್ಷ ಜೆ.ಪಿ ರಾಜು, ಒಬಿಸಿ ಮೋರ್ಚಾ ಅಧ್ಯಕ್ಷ ಹಾದನೂರು ಮಂಜು, ಯುವಮೋರ್ಚಾ ಅಧ್ಯಕ್ಷ ಐಕನಹಳ್ಳಿ ರಾಜು, ತಾಲ್ಲೋಕು ಮಹಿಳಾ ಮೋರ್ಚಾ ಅಧ್ಯಕ್ಷೆ ವಿಜಯಮ್ಮ, ನಗರ ಘಟಕ ಮಹಿಳಾ ಮೋರ್ಚಾ ಅಧ್ಯಕ್ಷೆ ಚಂದ್ರಕಲಾ ರಮೇಶ್, ಮಹಿಳಾ ಮುಖಂಡರಾದ ಮಣಿ, ಶಿಲ್ಪಾ, ಭಾರತೀಪುರ ಶ್ರೀನಿವಾಸ್, ಬಿಜೆಪಿ ಕಾರ್ಯಕರ್ತರು ಸೇರಿದಂತೆ ಉಪಸ್ಥಿತರು ಭಾಗವಹಿಸಿದರು.

ಸುದ್ದಿಯೊಂದಿಗೆ ಮನು ಮಾಕವಳ್ಳಿ ಕೆ ಆರ್ ಪೇಟೆ
